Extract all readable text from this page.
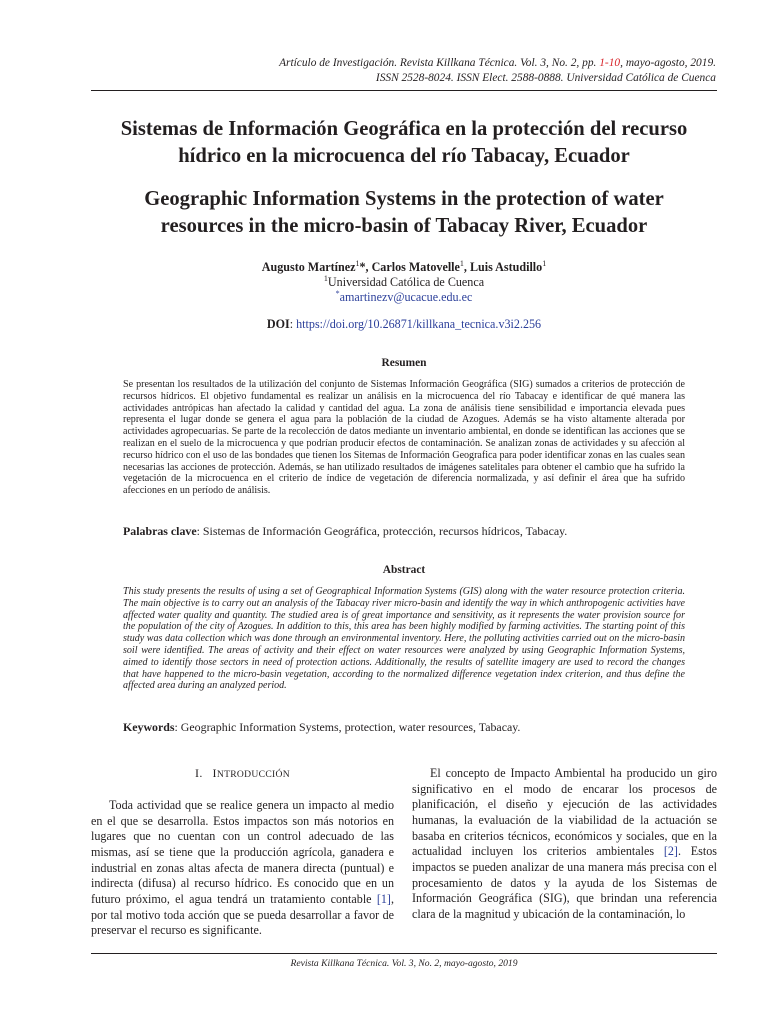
Artículo de Investigación. Revista Killkana Técnica. Vol. 3, No. 2, pp. 1-10, mayo-agosto, 2019.
ISSN 2528-8024. ISSN Elect. 2588-0888. Universidad Católica de Cuenca
Sistemas de Información Geográfica en la protección del recurso
hídrico en la microcuenca del río Tabacay, Ecuador
Geographic Information Systems in the protection of water
resources in the micro-basin of Tabacay River, Ecuador
Augusto Martínez$^1$*, Carlos Matovelle$^1$, Luis Astudillo$^1$
$^1$Universidad Católica de Cuenca
*amartinezv@ucacue.edu.ec
DOI: https://doi.org/10.26871/killkana_tecnica.v3i2.256
Resumen

Se presentan los resultados de la utilización del conjunto de Sistemas Información Geográfica (SIG) sumados a criterios de protección de recursos hídricos. El objetivo fundamental es realizar un análisis en la microcuenca del río Tabacay e identificar de qué manera las actividades antrópicas han afectado la calidad y cantidad del agua. La zona de análisis tiene sensibilidad e importancia elevada pues representa el lugar donde se genera el agua para la población de la ciudad de Azogues. Además se ha visto altamente alterada por actividades agropecuarias. Se parte de la recolección de datos mediante un inventario ambiental, en donde se identifican las acciones que se realizan en el suelo de la microcuenca y que podrían producir efectos de contaminación. Se analizan zonas de actividades y su afección al recurso hídrico con el uso de las bondades que tienen los Sitemas de Información Geografica para poder identificar zonas en las cuales sean necesarias las acciones de protección. Además, se han utilizado resultados de imágenes satelitales para obtener el cambio que ha sufrido la vegetación de la microcuenca en el criterio de índice de vegetación de diferencia normalizada, y así definir el área que ha sufrido afecciones en un período de análisis.

Palabras clave: Sistemas de Información Geográfica, protección, recursos hídricos, Tabacay.
Abstract

This study presents the results of using a set of Geographical Information Systems (GIS) along with the water resource protection criteria. The main objective is to carry out an analysis of the Tabacay river micro-basin and identify the way in which anthropogenic activities have affected water quality and quantity. The studied area is of great importance and sensitivity, as it represents the water provision source for the population of the city of Azogues. In addition to this, this area has been highly modified by farming activities. The starting point of this study was data collection which was done through an environmental inventory. Here, the polluting activities carried out on the micro-basin soil were identified. The areas of activity and their effect on water resources were analyzed by using Geographic Information Systems, aimed to identify those sectors in need of protection actions. Additionally, the results of satellite imagery are used to record the changes that have happened to the micro-basin vegetation, according to the normalized difference vegetation index criterion, and thus define the affected area during an analyzed period.

Keywords: Geographic Information Systems, protection, water resources, Tabacay.
I. INTRODUCCIÓN

Toda actividad que se realice genera un impacto al medio en el que se desarrolla. Estos impactos son más notorios en lugares que no cuentan con un control adecuado de las mismas, así se tiene que la producción agrícola, ganadera e industrial en zonas altas afecta de manera directa (puntual) e indirecta (difusa) al recurso hídrico. Es conocido que en un futuro próximo, el agua tendrá un tratamiento contable [1], por tal motivo toda acción que se pueda desarrollar a favor de preservar el recurso es significante.

El concepto de Impacto Ambiental ha producido un giro significativo en el modo de encarar los procesos de planificación, el diseño y ejecución de las actividades humanas, la evaluación de la viabilidad de la actuación se basaba en criterios técnicos, económicos y sociales, que en la actualidad incluyen los criterios ambientales [2]. Estos impactos se pueden analizar de una manera más precisa con el procesamiento de datos y la ayuda de los Sistemas de Información Geográfica (SIG), que brindan una referencia clara de la magnitud y ubicación de la contaminación, lo

Revista Killkana Técnica. Vol. 3, No. 2, mayo-agosto, 2019
